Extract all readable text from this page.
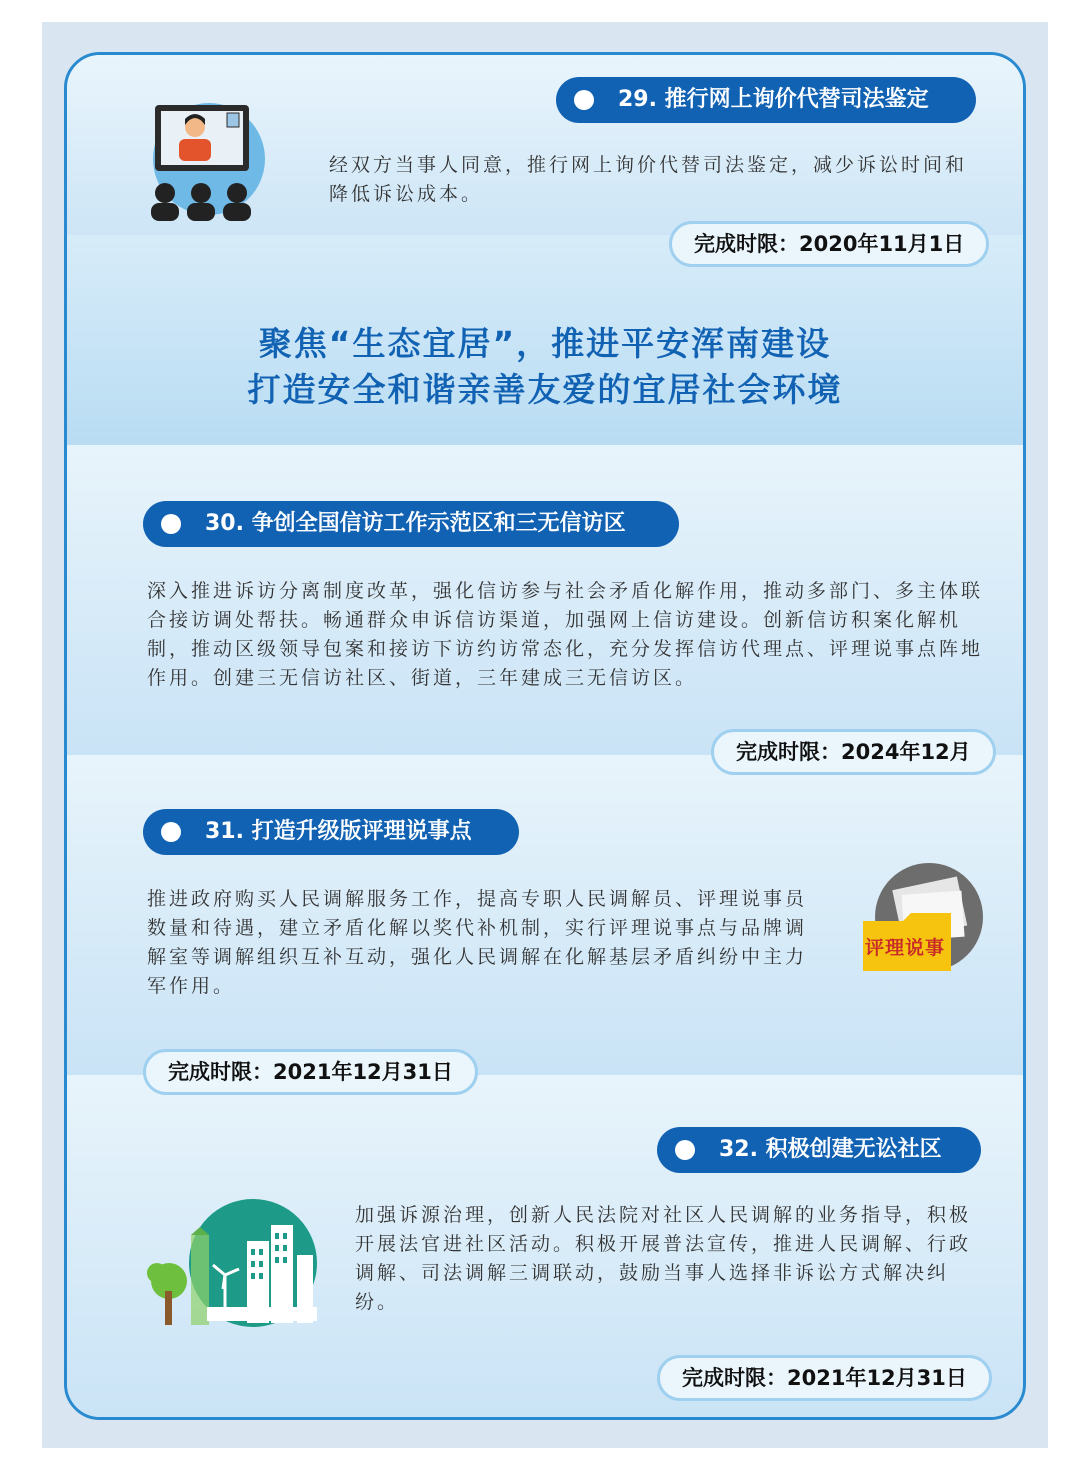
29. 推行网上询价代替司法鉴定
经双方当事人同意，推行网上询价代替司法鉴定，减少诉讼时间和降低诉讼成本。
完成时限：2020年11月1日
聚焦“生态宜居”，推进平安浑南建设
打造安全和谐亲善友爱的宜居社会环境
30. 争创全国信访工作示范区和三无信访区
深入推进诉访分离制度改革，强化信访参与社会矛盾化解作用，推动多部门、多主体联合接访调处帮扶。畅通群众申诉信访渠道，加强网上信访建设。创新信访积案化解机制，推动区级领导包案和接访下访约访常态化，充分发挥信访代理点、评理说事点阵地作用。创建三无信访社区、街道，三年建成三无信访区。
完成时限：2024年12月
31. 打造升级版评理说事点
推进政府购买人民调解服务工作，提高专职人民调解员、评理说事员数量和待遇，建立矛盾化解以奖代补机制，实行评理说事点与品牌调解室等调解组织互补互动，强化人民调解在化解基层矛盾纠纷中主力军作用。
评理说事
完成时限：2021年12月31日
32. 积极创建无讼社区
加强诉源治理，创新人民法院对社区人民调解的业务指导，积极开展法官进社区活动。积极开展普法宣传，推进人民调解、行政调解、司法调解三调联动，鼓励当事人选择非诉讼方式解决纠纷。
完成时限：2021年12月31日
